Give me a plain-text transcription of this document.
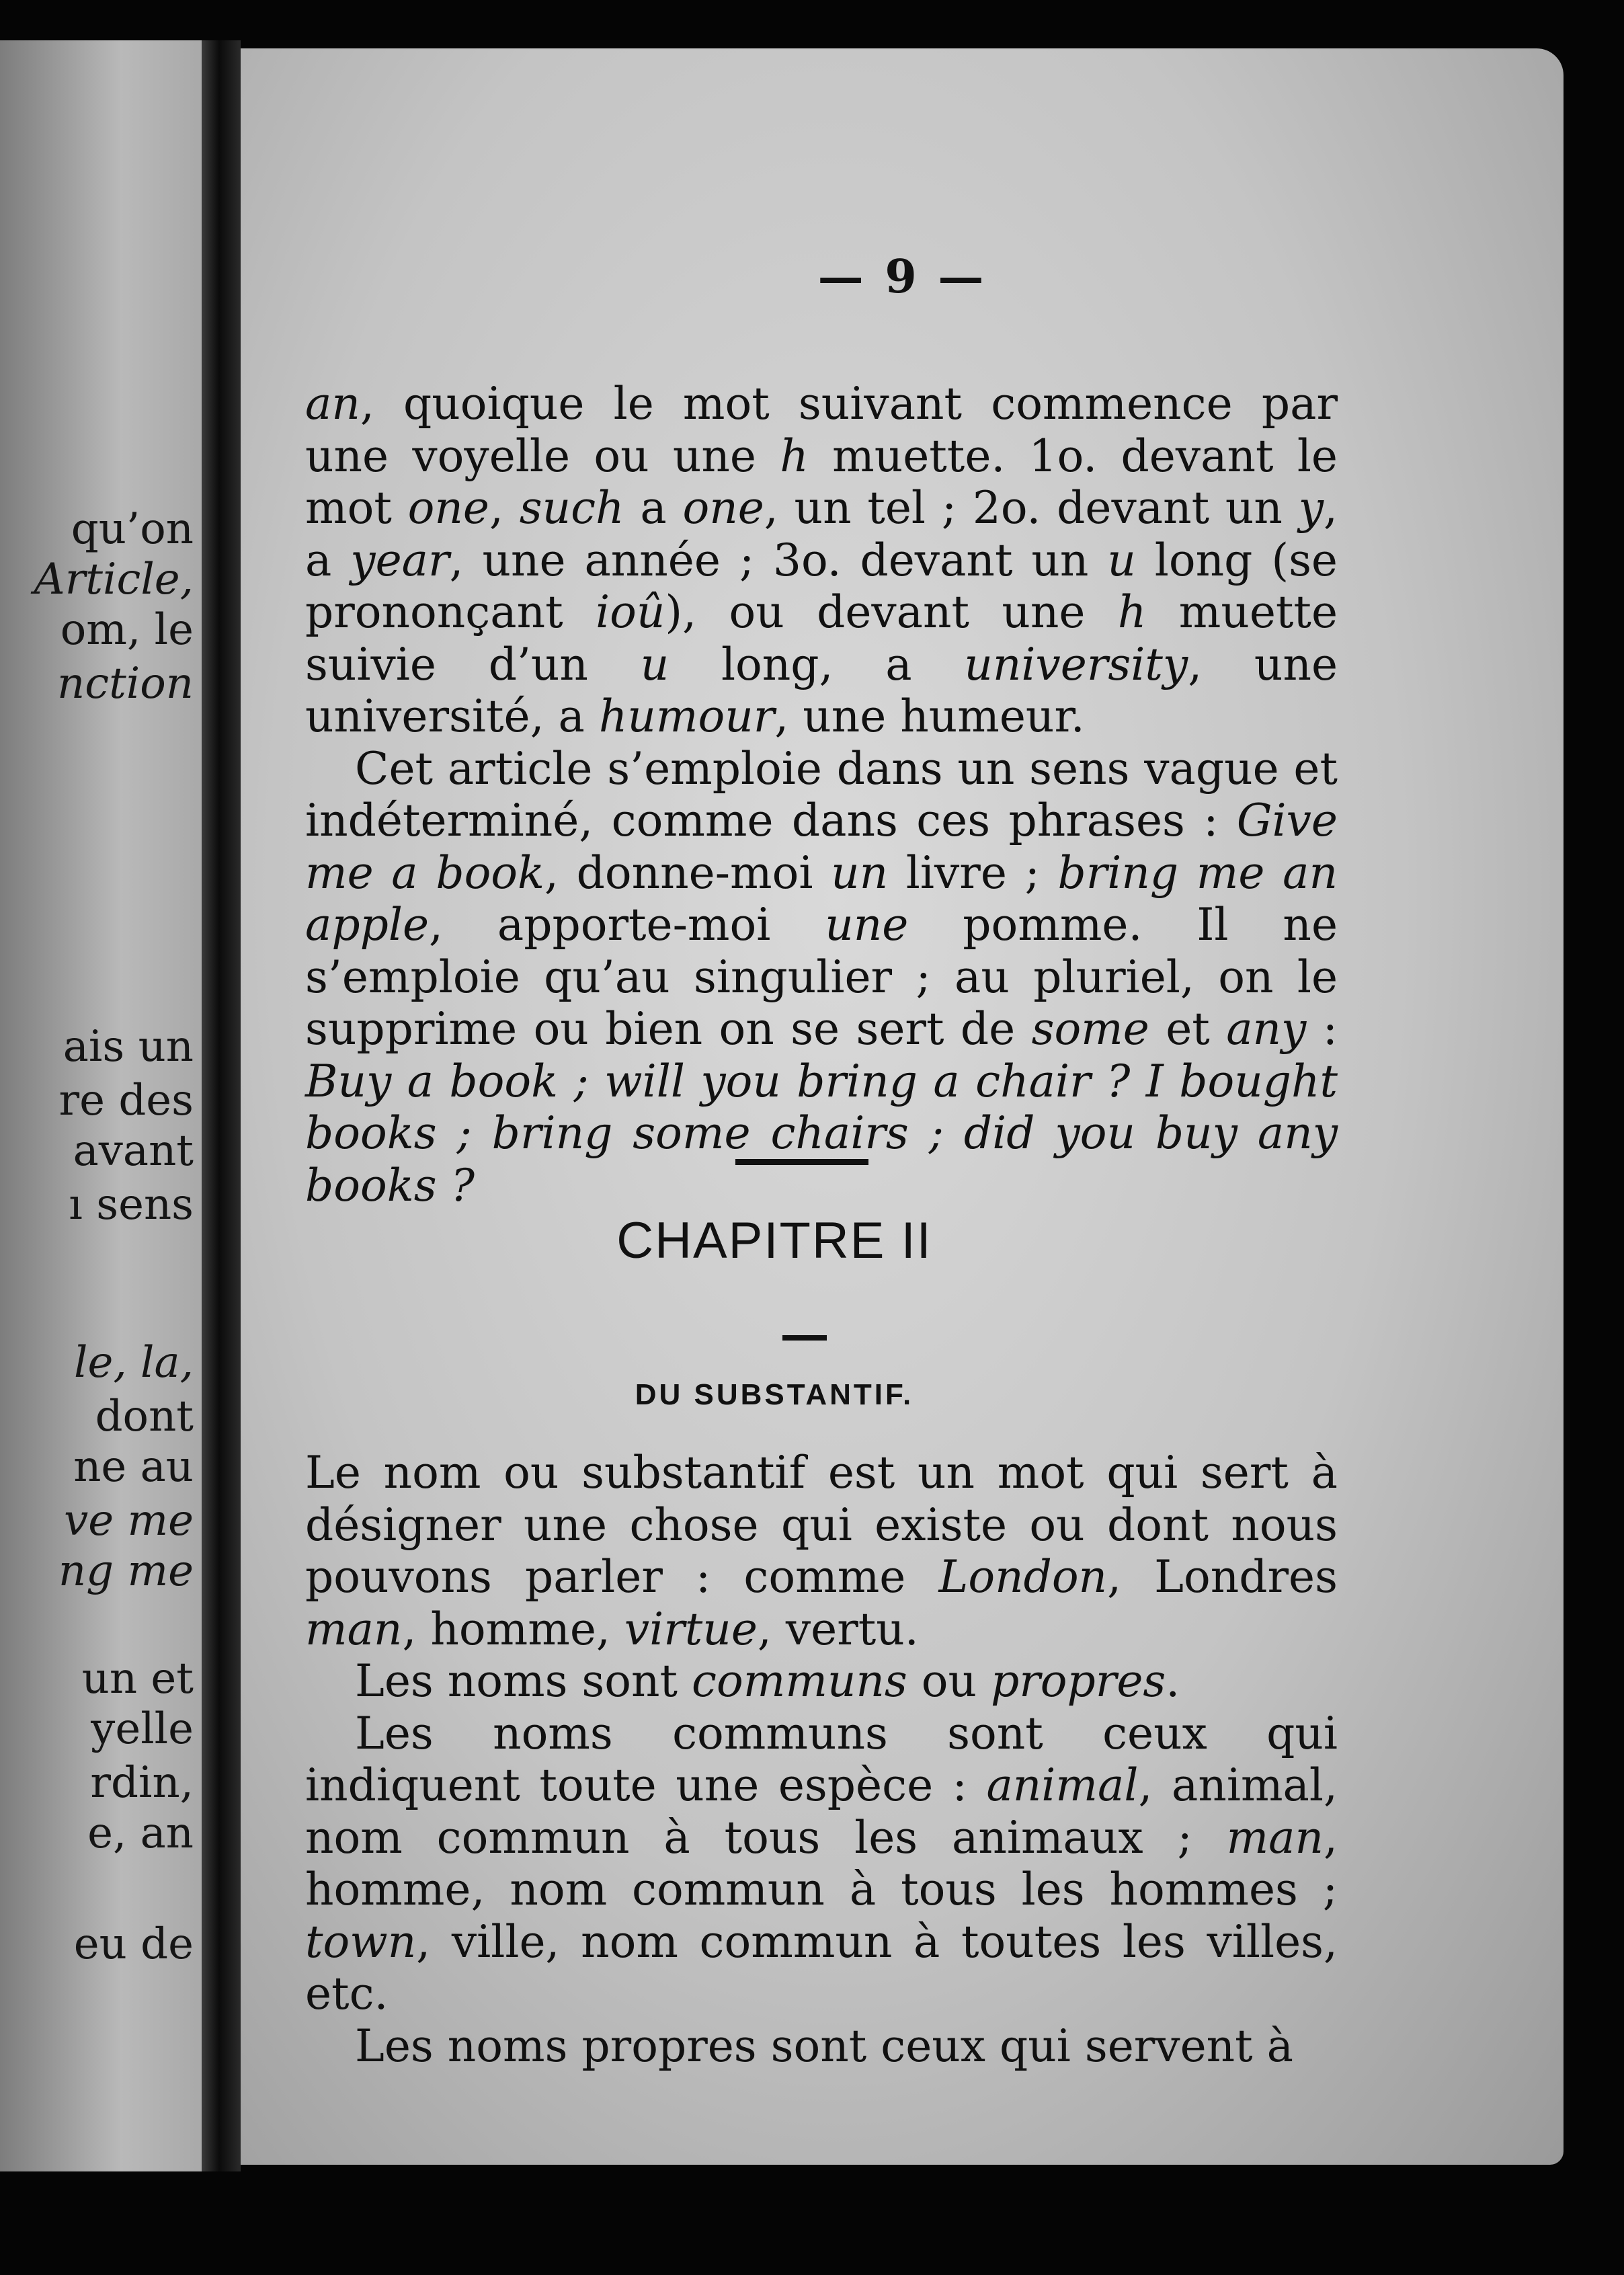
qu’on
Article,
om, le
nction
ais un
re des
avant
ı sens
le, la,
dont
ne au
ve me
ng me
un et
yelle
rdin,
e, an
eu de
— 9 —

an, quoique le mot suivant commence par une voyelle ou une h muette. 1o. devant le mot one, such a one, un tel ; 2o. devant un y, a year, une année ; 3o. devant un u long (se prononçant ioû), ou devant une h muette suivie d’un u long, a university, une université, a humour, une humeur.

Cet article s’emploie dans un sens vague et indéterminé, comme dans ces phrases : Give me a book, donne-moi un livre ; bring me an apple, apporte-moi une pomme. Il ne s’emploie qu’au singulier ; au pluriel, on le supprime ou bien on se sert de some et any : Buy a book ; will you bring a chair ? I bought books ; bring some chairs ; did you buy any books ?

CHAPITRE II
DU SUBSTANTIF.

Le nom ou substantif est un mot qui sert à désigner une chose qui existe ou dont nous pouvons parler : comme London, Londres man, homme, virtue, vertu.

Les noms sont communs ou propres.

Les noms communs sont ceux qui indiquent toute une espèce : animal, animal, nom commun à tous les animaux ; man, homme, nom commun à tous les hommes ; town, ville, nom commun à toutes les villes, etc.

Les noms propres sont ceux qui servent à
